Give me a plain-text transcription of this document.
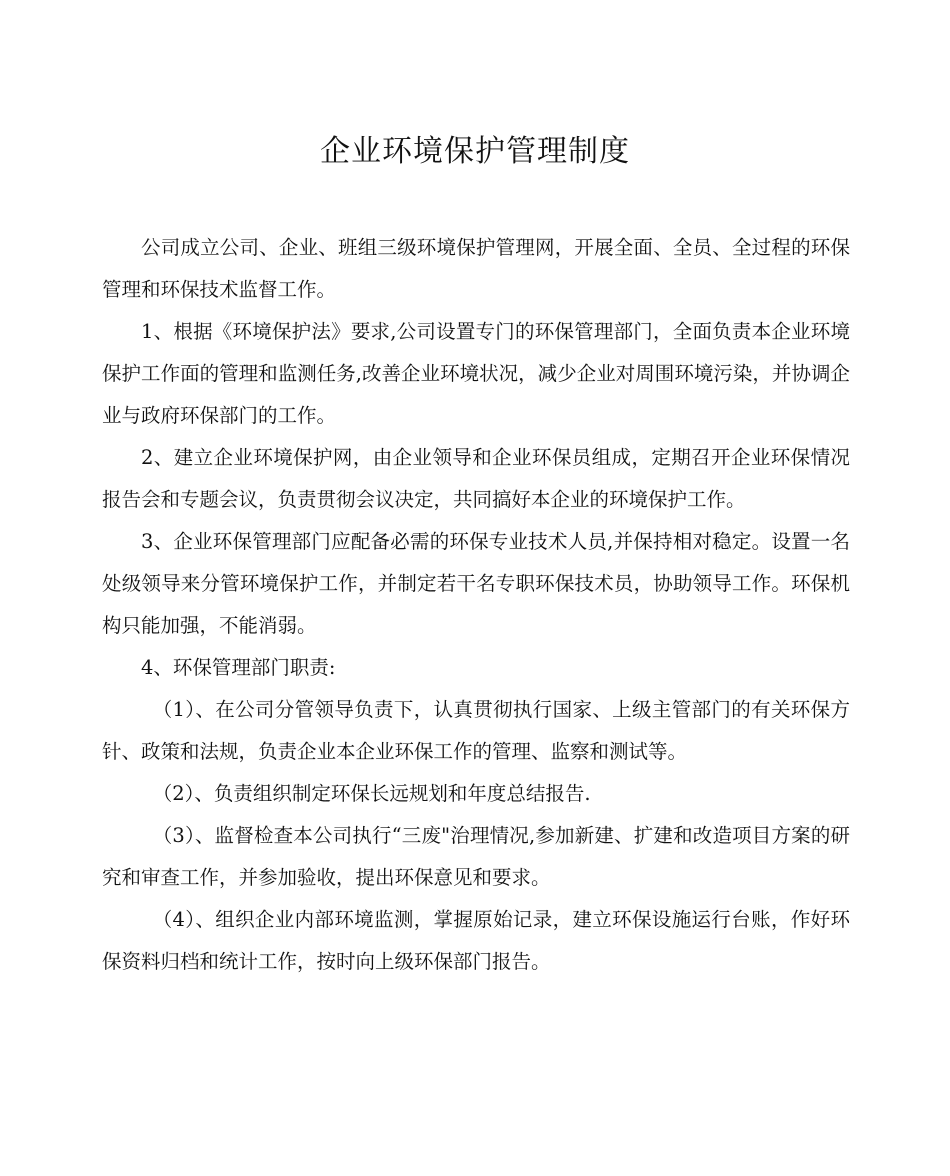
企业环境保护管理制度

公司成立公司、企业、班组三级环境保护管理网，开展全面、全员、全过程的环保管理和环保技术监督工作。

1、根据《环境保护法》要求,公司设置专门的环保管理部门，全面负责本企业环境保护工作面的管理和监测任务,改善企业环境状况，减少企业对周围环境污染，并协调企业与政府环保部门的工作。

2、建立企业环境保护网，由企业领导和企业环保员组成，定期召开企业环保情况报告会和专题会议，负责贯彻会议决定，共同搞好本企业的环境保护工作。

3、企业环保管理部门应配备必需的环保专业技术人员,并保持相对稳定。设置一名处级领导来分管环境保护工作，并制定若干名专职环保技术员，协助领导工作。环保机构只能加强，不能消弱。

4、环保管理部门职责:

（1）、在公司分管领导负责下，认真贯彻执行国家、上级主管部门的有关环保方针、政策和法规，负责企业本企业环保工作的管理、监察和测试等。

（2）、负责组织制定环保长远规划和年度总结报告.

（3）、监督检查本公司执行“三废"治理情况,参加新建、扩建和改造项目方案的研究和审查工作，并参加验收，提出环保意见和要求。

（4）、组织企业内部环境监测，掌握原始记录，建立环保设施运行台账，作好环保资料归档和统计工作，按时向上级环保部门报告。
